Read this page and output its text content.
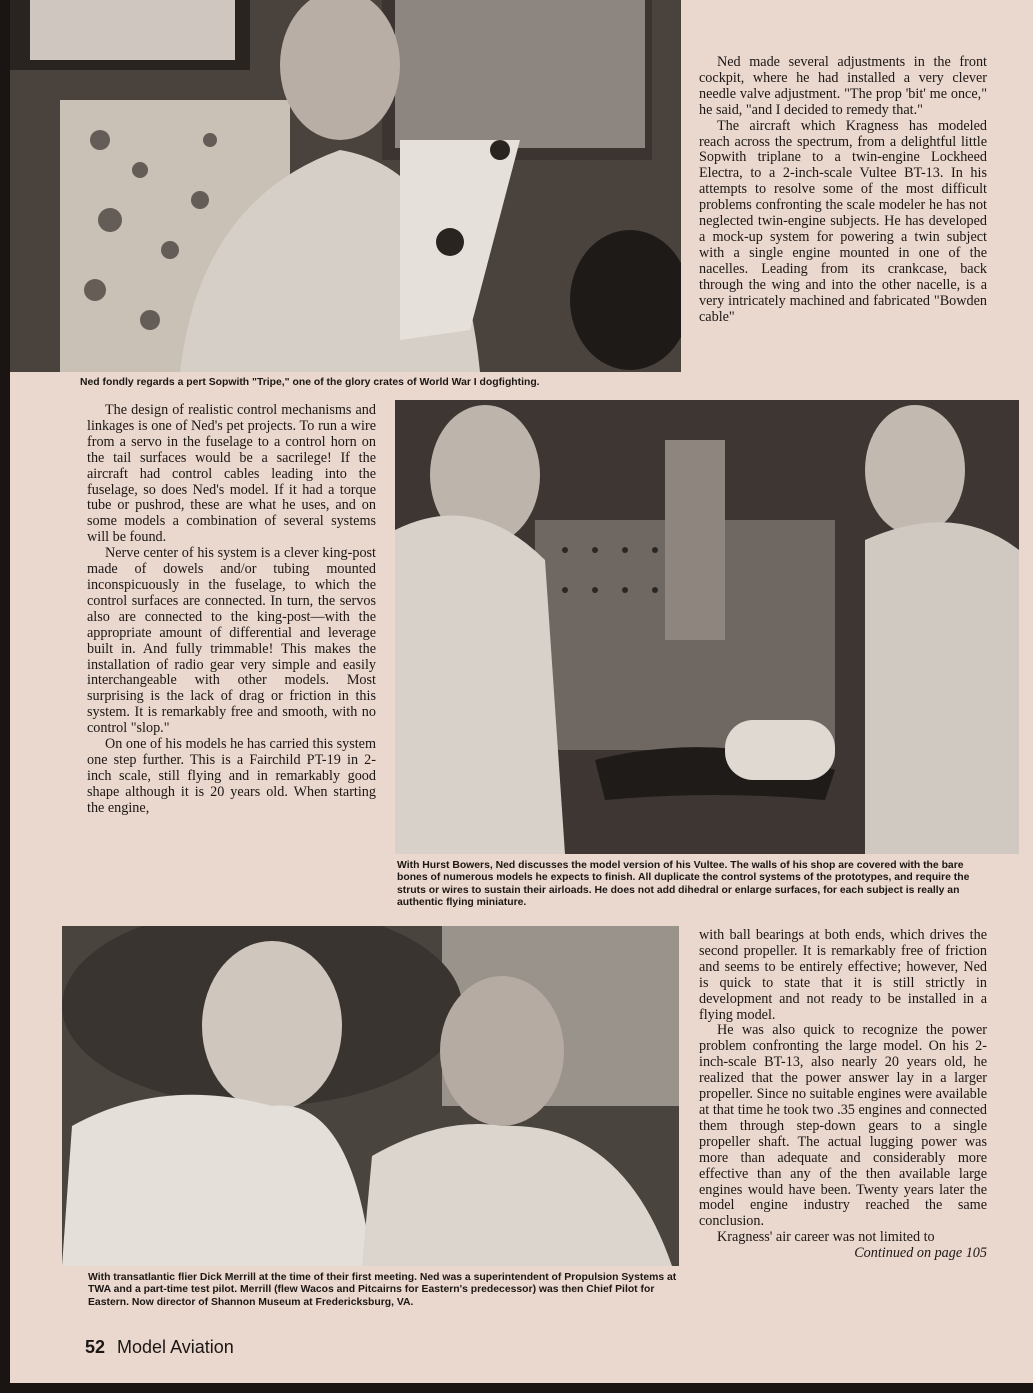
Ned fondly regards a pert Sopwith "Tripe," one of the glory crates of World War I dogfighting.

Ned made several adjustments in the front cockpit, where he had installed a very clever needle valve adjustment. "The prop 'bit' me once," he said, "and I decided to remedy that."

The aircraft which Kragness has modeled reach across the spectrum, from a delightful little Sopwith triplane to a twin-engine Lockheed Electra, to a 2-inch-scale Vultee BT-13. In his attempts to resolve some of the most difficult problems confronting the scale modeler he has not neglected twin-engine subjects. He has developed a mock-up system for powering a twin subject with a single engine mounted in one of the nacelles. Leading from its crankcase, back through the wing and into the other nacelle, is a very intricately machined and fabricated "Bowden cable"

The design of realistic control mechanisms and linkages is one of Ned's pet projects. To run a wire from a servo in the fuselage to a control horn on the tail surfaces would be a sacrilege! If the aircraft had control cables leading into the fuselage, so does Ned's model. If it had a torque tube or pushrod, these are what he uses, and on some models a combination of several systems will be found.

Nerve center of his system is a clever king-post made of dowels and/or tubing mounted inconspicuously in the fuselage, to which the control surfaces are connected. In turn, the servos also are connected to the king-post—with the appropriate amount of differential and leverage built in. And fully trimmable! This makes the installation of radio gear very simple and easily interchangeable with other models. Most surprising is the lack of drag or friction in this system. It is remarkably free and smooth, with no control "slop."

On one of his models he has carried this system one step further. This is a Fairchild PT-19 in 2-inch scale, still flying and in remarkably good shape although it is 20 years old. When starting the engine,

With Hurst Bowers, Ned discusses the model version of his Vultee. The walls of his shop are covered with the bare bones of numerous models he expects to finish. All duplicate the control systems of the prototypes, and require the struts or wires to sustain their airloads. He does not add dihedral or enlarge surfaces, for each subject is really an authentic flying miniature.
With transatlantic flier Dick Merrill at the time of their first meeting. Ned was a superintendent of Propulsion Systems at TWA and a part-time test pilot. Merrill (flew Wacos and Pitcairns for Eastern's predecessor) was then Chief Pilot for Eastern. Now director of Shannon Museum at Fredericksburg, VA.

with ball bearings at both ends, which drives the second propeller. It is remarkably free of friction and seems to be entirely effective; however, Ned is quick to state that it is still strictly in development and not ready to be installed in a flying model.

He was also quick to recognize the power problem confronting the large model. On his 2-inch-scale BT-13, also nearly 20 years old, he realized that the power answer lay in a larger propeller. Since no suitable engines were available at that time he took two .35 engines and connected them through step-down gears to a single propeller shaft. The actual lugging power was more than adequate and considerably more effective than any of the then available large engines would have been. Twenty years later the model engine industry reached the same conclusion.

Kragness' air career was not limited to

Continued on page 105

52 Model Aviation
